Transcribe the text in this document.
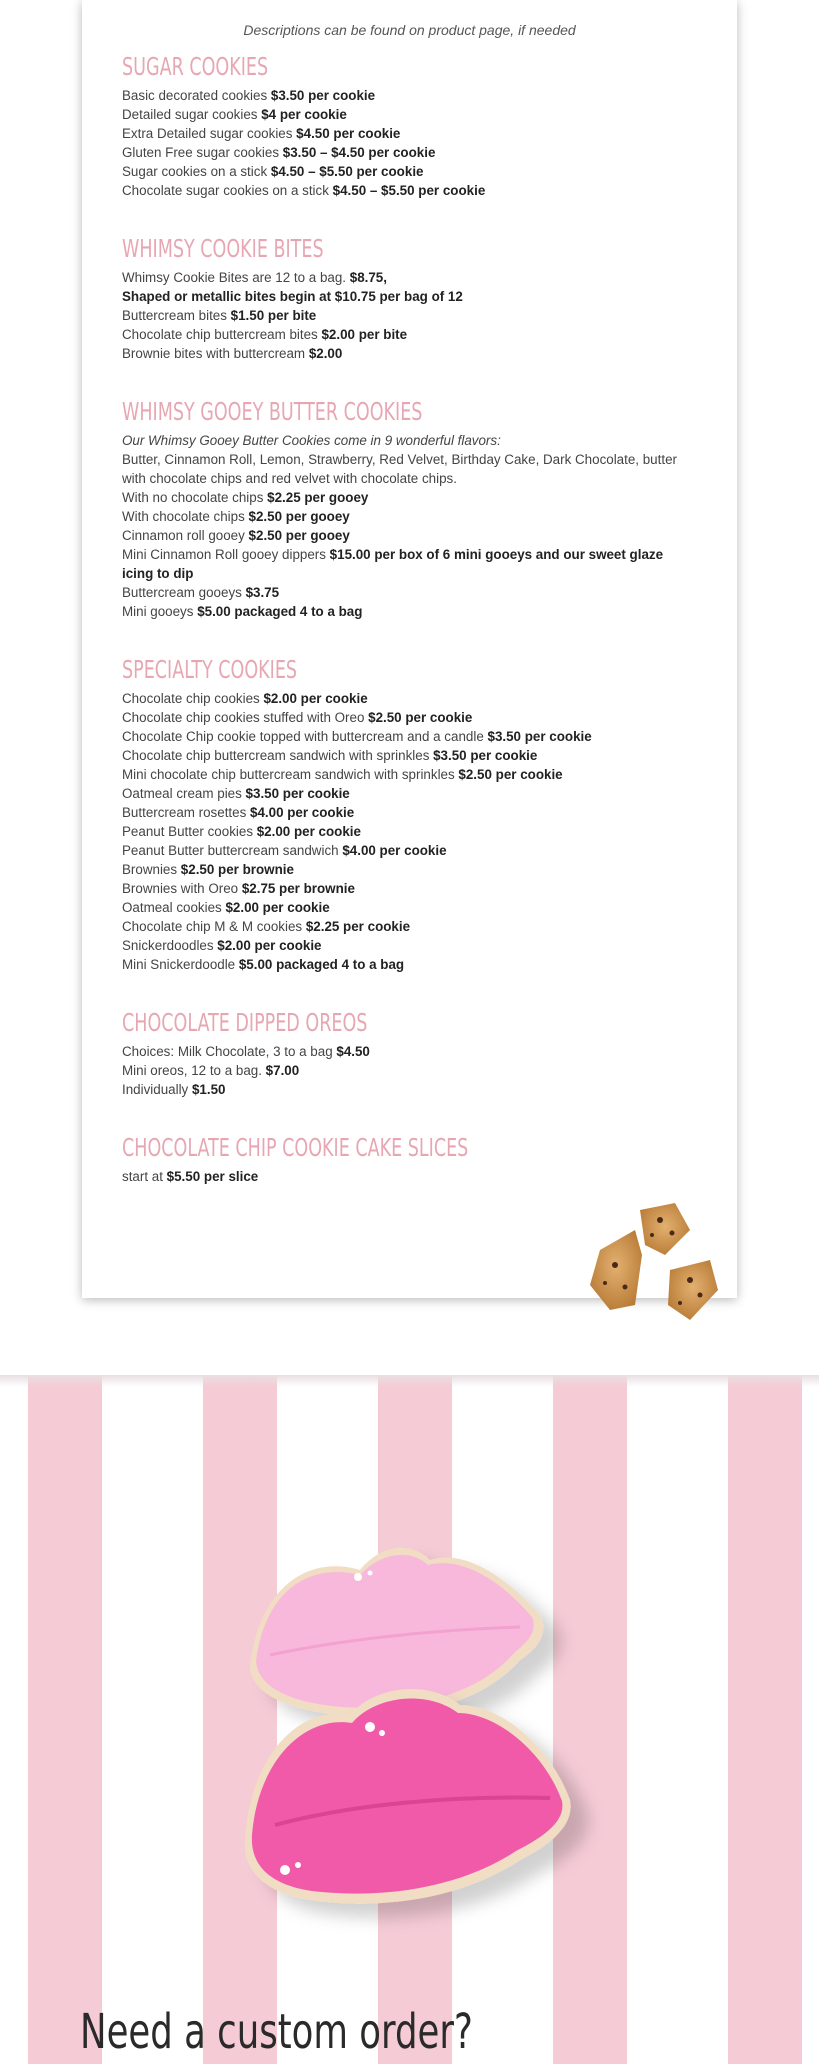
Descriptions can be found on product page, if needed
SUGAR COOKIES
Basic decorated cookies $3.50 per cookie
Detailed sugar cookies $4 per cookie
Extra Detailed sugar cookies $4.50 per cookie
Gluten Free sugar cookies $3.50 – $4.50 per cookie
Sugar cookies on a stick $4.50 – $5.50 per cookie
Chocolate sugar cookies on a stick $4.50 – $5.50 per cookie
WHIMSY COOKIE BITES
Whimsy Cookie Bites are 12 to a bag. $8.75,
Shaped or metallic bites begin at $10.75 per bag of 12
Buttercream bites $1.50 per bite
Chocolate chip buttercream bites $2.00 per bite
Brownie bites with buttercream $2.00
WHIMSY GOOEY BUTTER COOKIES
Our Whimsy Gooey Butter Cookies come in 9 wonderful flavors:
Butter, Cinnamon Roll, Lemon, Strawberry, Red Velvet, Birthday Cake, Dark Chocolate, butter with chocolate chips and red velvet with chocolate chips.
With no chocolate chips $2.25 per gooey
With chocolate chips $2.50 per gooey
Cinnamon roll gooey $2.50 per gooey
Mini Cinnamon Roll gooey dippers $15.00 per box of 6 mini gooeys and our sweet glaze icing to dip
Buttercream gooeys $3.75
Mini gooeys $5.00 packaged 4 to a bag
SPECIALTY COOKIES
Chocolate chip cookies $2.00 per cookie
Chocolate chip cookies stuffed with Oreo $2.50 per cookie
Chocolate Chip cookie topped with buttercream and a candle $3.50 per cookie
Chocolate chip buttercream sandwich with sprinkles $3.50 per cookie
Mini chocolate chip buttercream sandwich with sprinkles $2.50 per cookie
Oatmeal cream pies $3.50 per cookie
Buttercream rosettes $4.00 per cookie
Peanut Butter cookies $2.00 per cookie
Peanut Butter buttercream sandwich $4.00 per cookie
Brownies $2.50 per brownie
Brownies with Oreo $2.75 per brownie
Oatmeal cookies $2.00 per cookie
Chocolate chip M & M cookies $2.25 per cookie
Snickerdoodles $2.00 per cookie
Mini Snickerdoodle $5.00 packaged 4 to a bag
CHOCOLATE DIPPED OREOS
Choices: Milk Chocolate, 3 to a bag $4.50
Mini oreos, 12 to a bag. $7.00
Individually $1.50
CHOCOLATE CHIP COOKIE CAKE SLICES
start at $5.50 per slice
Need a custom order?
